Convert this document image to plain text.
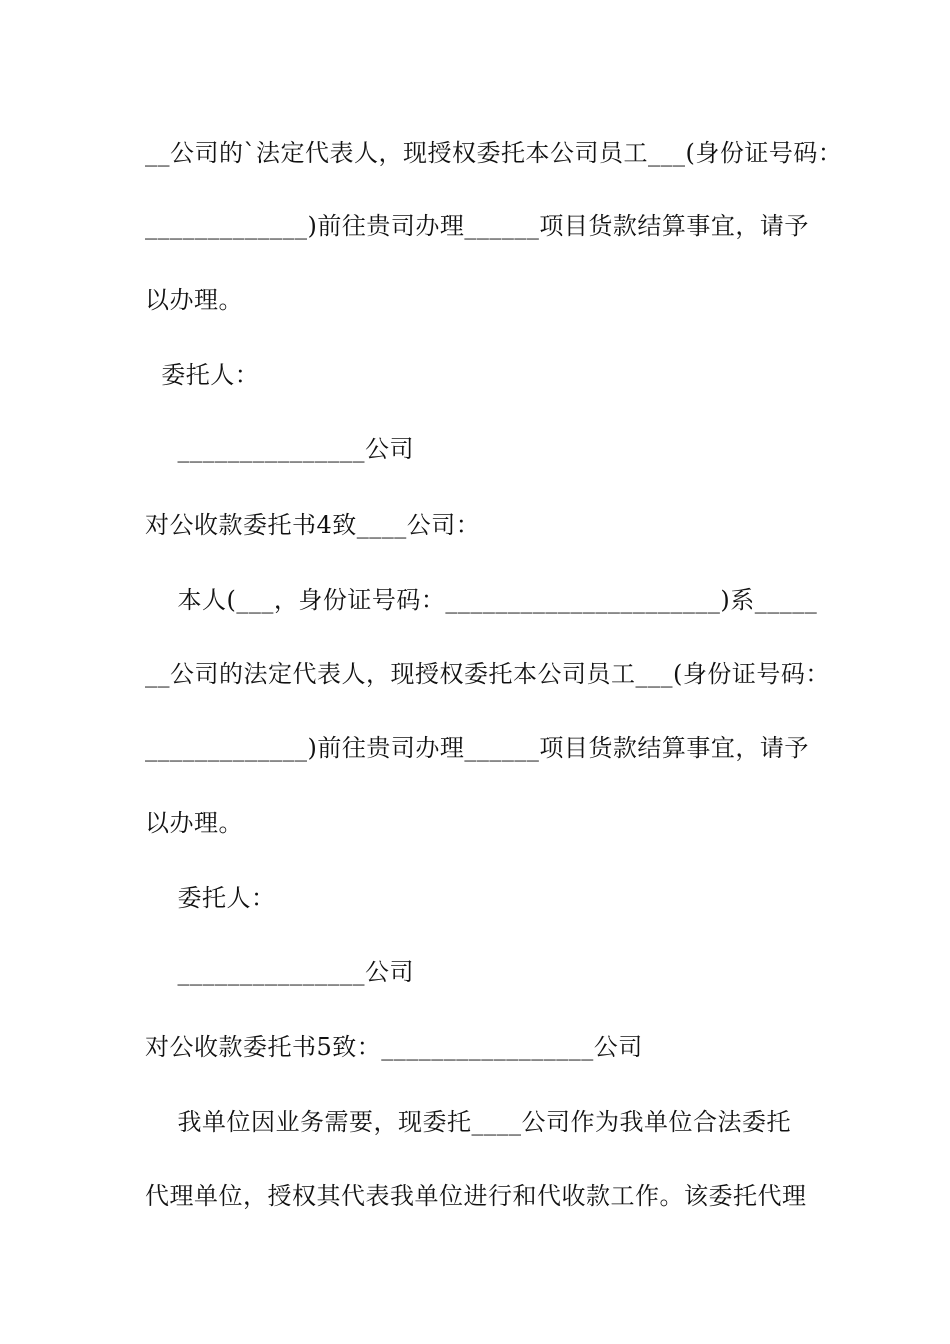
__公司的`法定代表人，现授权委托本公司员工___(身份证号码：
_____________)前往贵司办理______项目货款结算事宜，请予
以办理。
委托人：
_______________公司
对公收款委托书4致____公司：
本人(___，身份证号码：______________________)系_____
__公司的法定代表人，现授权委托本公司员工___(身份证号码：
_____________)前往贵司办理______项目货款结算事宜，请予
以办理。
委托人：
_______________公司
对公收款委托书5致：_________________公司
我单位因业务需要，现委托____公司作为我单位合法委托
代理单位，授权其代表我单位进行和代收款工作。该委托代理
